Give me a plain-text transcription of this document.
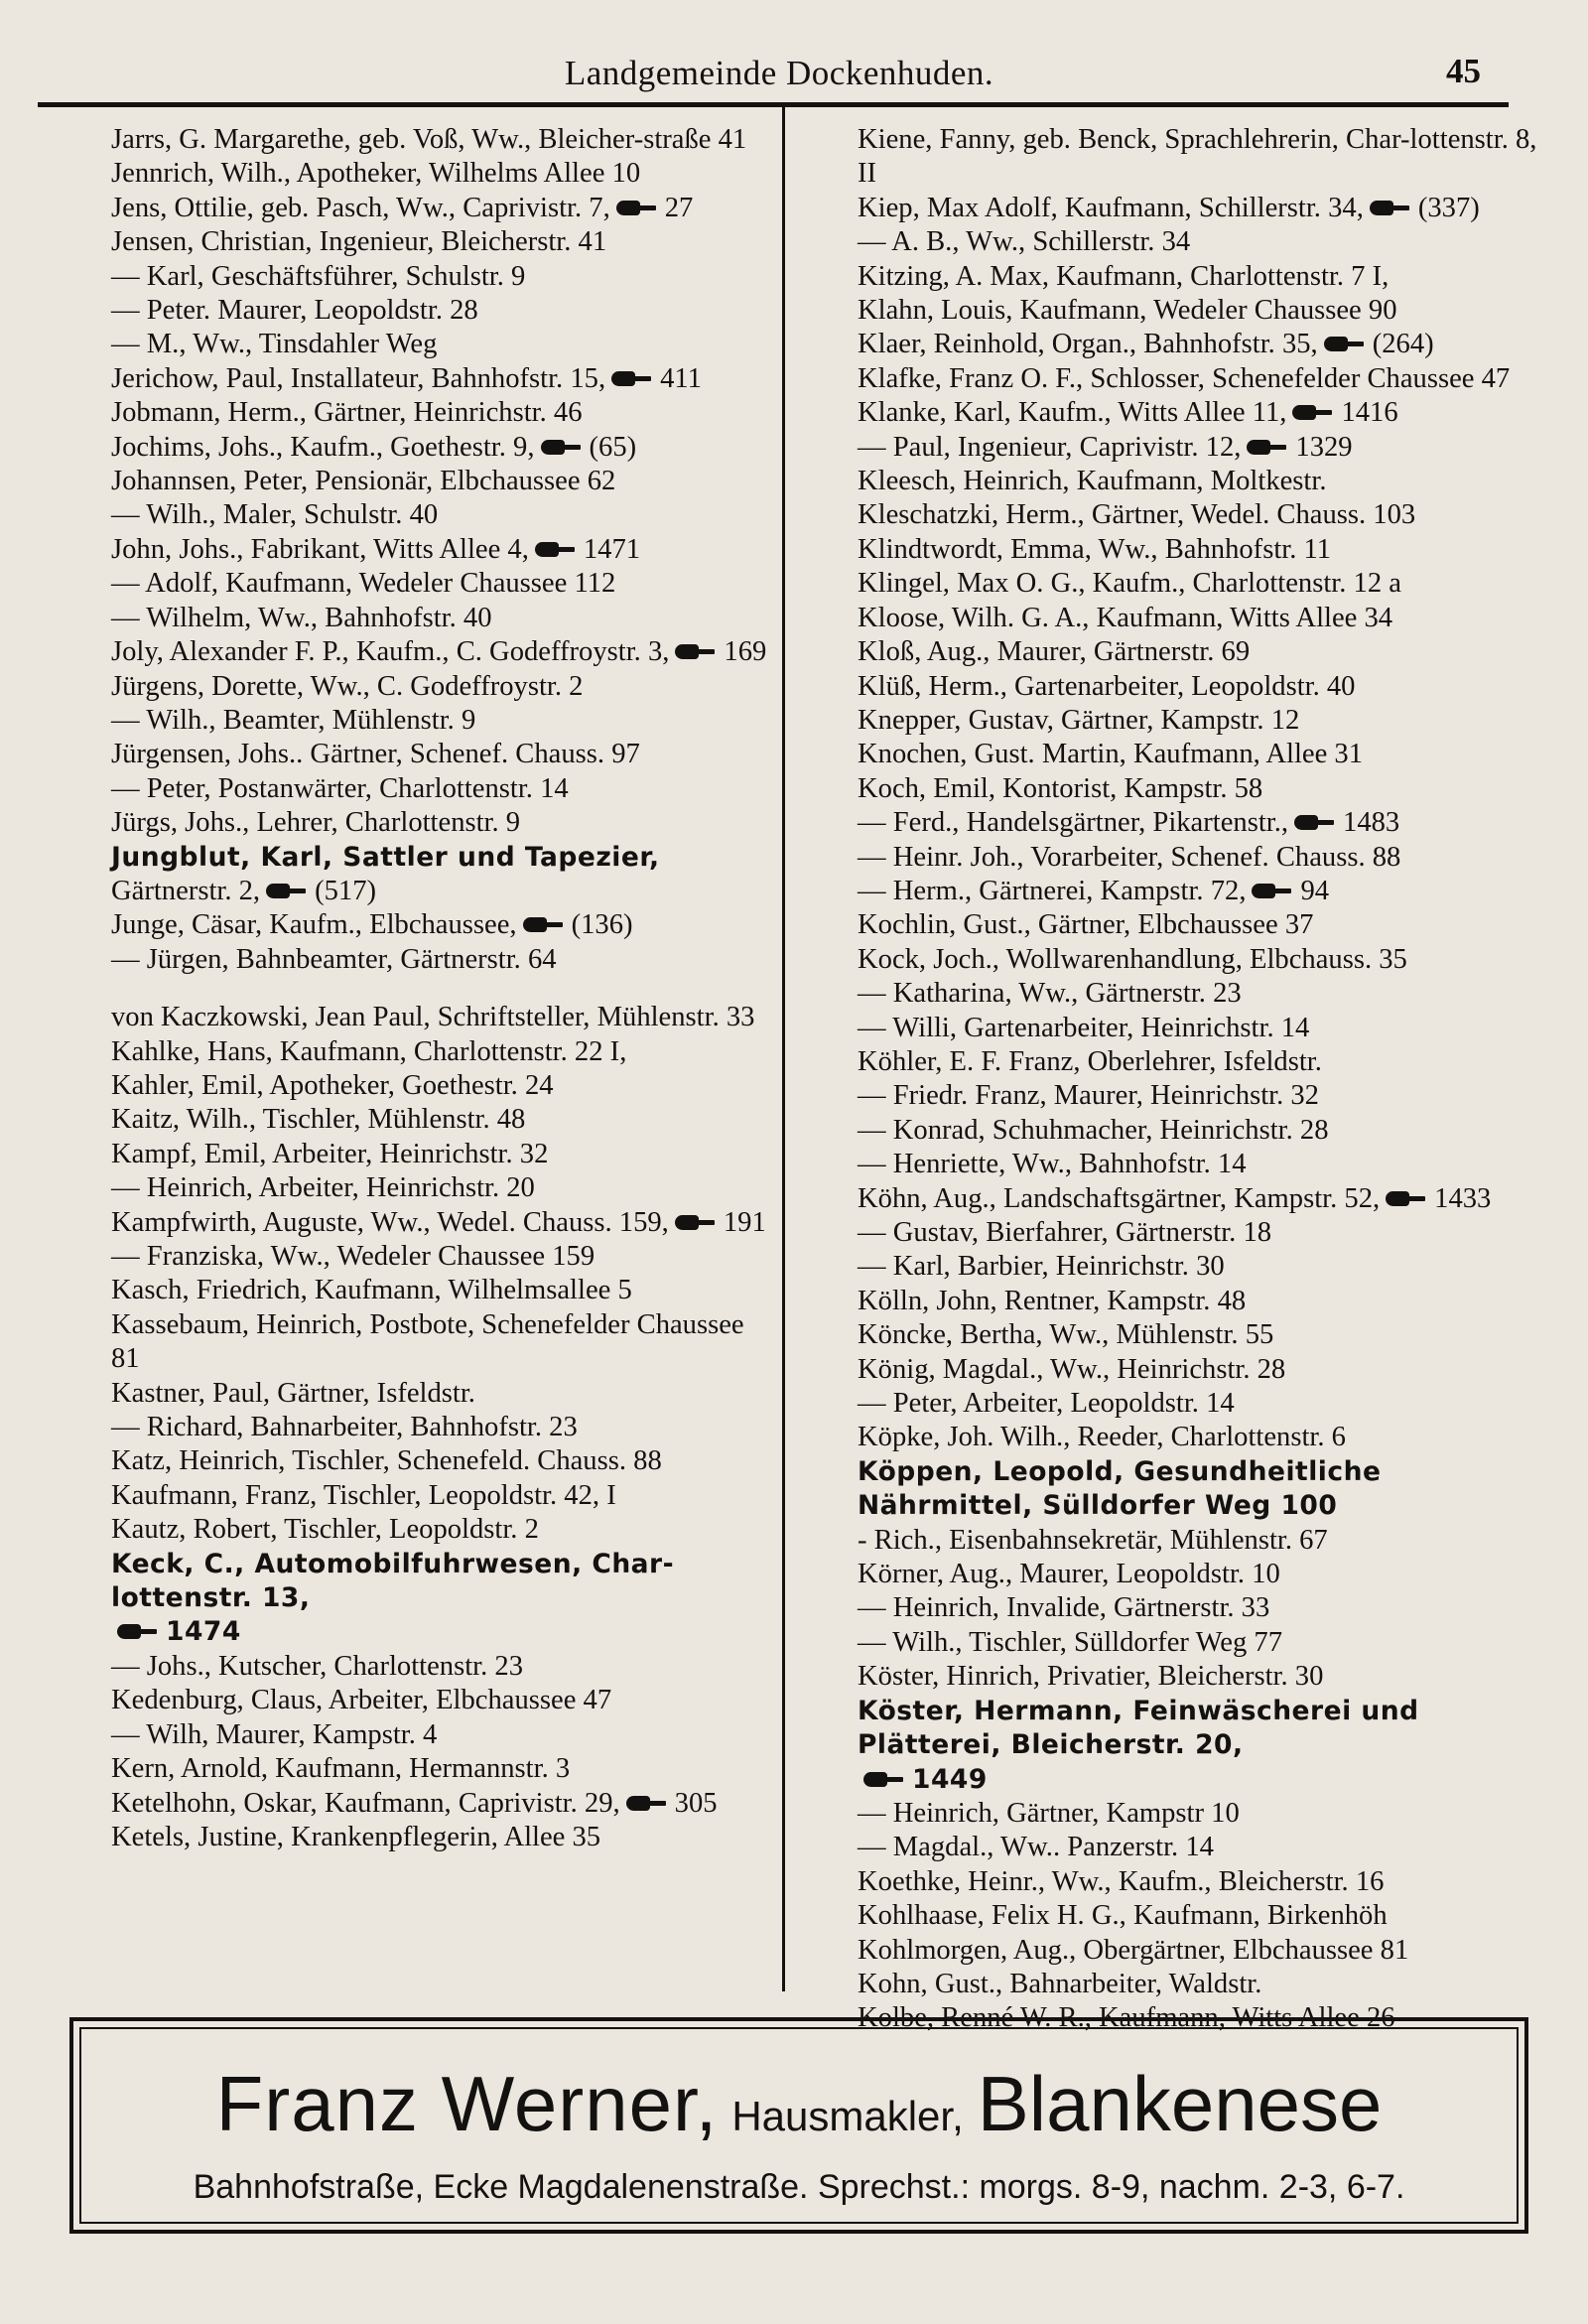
Landgemeinde Dockenhuden.	45
Jarrs, G. Margarethe, geb. Voß, Ww., Bleicher-straße 41
Jennrich, Wilh., Apotheker, Wilhelms Allee 10
Jens, Ottilie, geb. Pasch, Ww., Caprivistr. 7, 27
Jensen, Christian, Ingenieur, Bleicherstr. 41
— Karl, Geschäftsführer, Schulstr. 9
— Peter. Maurer, Leopoldstr. 28
— M., Ww., Tinsdahler Weg
Jerichow, Paul, Installateur, Bahnhofstr. 15, 411
Jobmann, Herm., Gärtner, Heinrichstr. 46
Jochims, Johs., Kaufm., Goethestr. 9, (65)
Johannsen, Peter, Pensionär, Elbchaussee 62
— Wilh., Maler, Schulstr. 40
John, Johs., Fabrikant, Witts Allee 4, 1471
— Adolf, Kaufmann, Wedeler Chaussee 112
— Wilhelm, Ww., Bahnhofstr. 40
Joly, Alexander F. P., Kaufm., C. Godeffroystr. 3, 169
Jürgens, Dorette, Ww., C. Godeffroystr. 2
— Wilh., Beamter, Mühlenstr. 9
Jürgensen, Johs.. Gärtner, Schenef. Chauss. 97
— Peter, Postanwärter, Charlottenstr. 14
Jürgs, Johs., Lehrer, Charlottenstr. 9
Jungblut, Karl, Sattler und Tapezier,
Gärtnerstr. 2, (517)
Junge, Cäsar, Kaufm., Elbchaussee, (136)
— Jürgen, Bahnbeamter, Gärtnerstr. 64
von Kaczkowski, Jean Paul, Schriftsteller, Mühlenstr. 33
Kahlke, Hans, Kaufmann, Charlottenstr. 22 I,
Kahler, Emil, Apotheker, Goethestr. 24
Kaitz, Wilh., Tischler, Mühlenstr. 48
Kampf, Emil, Arbeiter, Heinrichstr. 32
— Heinrich, Arbeiter, Heinrichstr. 20
Kampfwirth, Auguste, Ww., Wedel. Chauss. 159, 191
— Franziska, Ww., Wedeler Chaussee 159
Kasch, Friedrich, Kaufmann, Wilhelmsallee 5
Kassebaum, Heinrich, Postbote, Schenefelder Chaussee 81
Kastner, Paul, Gärtner, Isfeldstr.
— Richard, Bahnarbeiter, Bahnhofstr. 23
Katz, Heinrich, Tischler, Schenefeld. Chauss. 88
Kaufmann, Franz, Tischler, Leopoldstr. 42, I
Kautz, Robert, Tischler, Leopoldstr. 2
Keck, C., Automobilfuhrwesen, Char-lottenstr. 13,
1474
— Johs., Kutscher, Charlottenstr. 23
Kedenburg, Claus, Arbeiter, Elbchaussee 47
— Wilh, Maurer, Kampstr. 4
Kern, Arnold, Kaufmann, Hermannstr. 3
Ketelhohn, Oskar, Kaufmann, Caprivistr. 29, 305
Ketels, Justine, Krankenpflegerin, Allee 35
Kiene, Fanny, geb. Benck, Sprachlehrerin, Char-lottenstr. 8, II
Kiep, Max Adolf, Kaufmann, Schillerstr. 34, (337)
— A. B., Ww., Schillerstr. 34
Kitzing, A. Max, Kaufmann, Charlottenstr. 7 I,
Klahn, Louis, Kaufmann, Wedeler Chaussee 90
Klaer, Reinhold, Organ., Bahnhofstr. 35, (264)
Klafke, Franz O. F., Schlosser, Schenefelder Chaussee 47
Klanke, Karl, Kaufm., Witts Allee 11, 1416
— Paul, Ingenieur, Caprivistr. 12, 1329
Kleesch, Heinrich, Kaufmann, Moltkestr.
Kleschatzki, Herm., Gärtner, Wedel. Chauss. 103
Klindtwordt, Emma, Ww., Bahnhofstr. 11
Klingel, Max O. G., Kaufm., Charlottenstr. 12 a
Kloose, Wilh. G. A., Kaufmann, Witts Allee 34
Kloß, Aug., Maurer, Gärtnerstr. 69
Klüß, Herm., Gartenarbeiter, Leopoldstr. 40
Knepper, Gustav, Gärtner, Kampstr. 12
Knochen, Gust. Martin, Kaufmann, Allee 31
Koch, Emil, Kontorist, Kampstr. 58
— Ferd., Handelsgärtner, Pikartenstr., 1483
— Heinr. Joh., Vorarbeiter, Schenef. Chauss. 88
— Herm., Gärtnerei, Kampstr. 72, 94
Kochlin, Gust., Gärtner, Elbchaussee 37
Kock, Joch., Wollwarenhandlung, Elbchauss. 35
— Katharina, Ww., Gärtnerstr. 23
— Willi, Gartenarbeiter, Heinrichstr. 14
Köhler, E. F. Franz, Oberlehrer, Isfeldstr.
— Friedr. Franz, Maurer, Heinrichstr. 32
— Konrad, Schuhmacher, Heinrichstr. 28
— Henriette, Ww., Bahnhofstr. 14
Köhn, Aug., Landschaftsgärtner, Kampstr. 52, 1433
— Gustav, Bierfahrer, Gärtnerstr. 18
— Karl, Barbier, Heinrichstr. 30
Kölln, John, Rentner, Kampstr. 48
Köncke, Bertha, Ww., Mühlenstr. 55
König, Magdal., Ww., Heinrichstr. 28
— Peter, Arbeiter, Leopoldstr. 14
Köpke, Joh. Wilh., Reeder, Charlottenstr. 6
Köppen, Leopold, Gesundheitliche Nährmittel, Sülldorfer Weg 100
- Rich., Eisenbahnsekretär, Mühlenstr. 67
Körner, Aug., Maurer, Leopoldstr. 10
— Heinrich, Invalide, Gärtnerstr. 33
— Wilh., Tischler, Sülldorfer Weg 77
Köster, Hinrich, Privatier, Bleicherstr. 30
Köster, Hermann, Feinwäscherei und Plätterei, Bleicherstr. 20,
1449
— Heinrich, Gärtner, Kampstr 10
— Magdal., Ww.. Panzerstr. 14
Koethke, Heinr., Ww., Kaufm., Bleicherstr. 16
Kohlhaase, Felix H. G., Kaufmann, Birkenhöh
Kohlmorgen, Aug., Obergärtner, Elbchaussee 81
Kohn, Gust., Bahnarbeiter, Waldstr.
Kolbe, Renné W. R., Kaufmann, Witts Allee 26
Franz Werner, Hausmakler, Blankenese
Bahnhofstraße, Ecke Magdalenenstraße. Sprechst.: morgs. 8-9, nachm. 2-3, 6-7.
